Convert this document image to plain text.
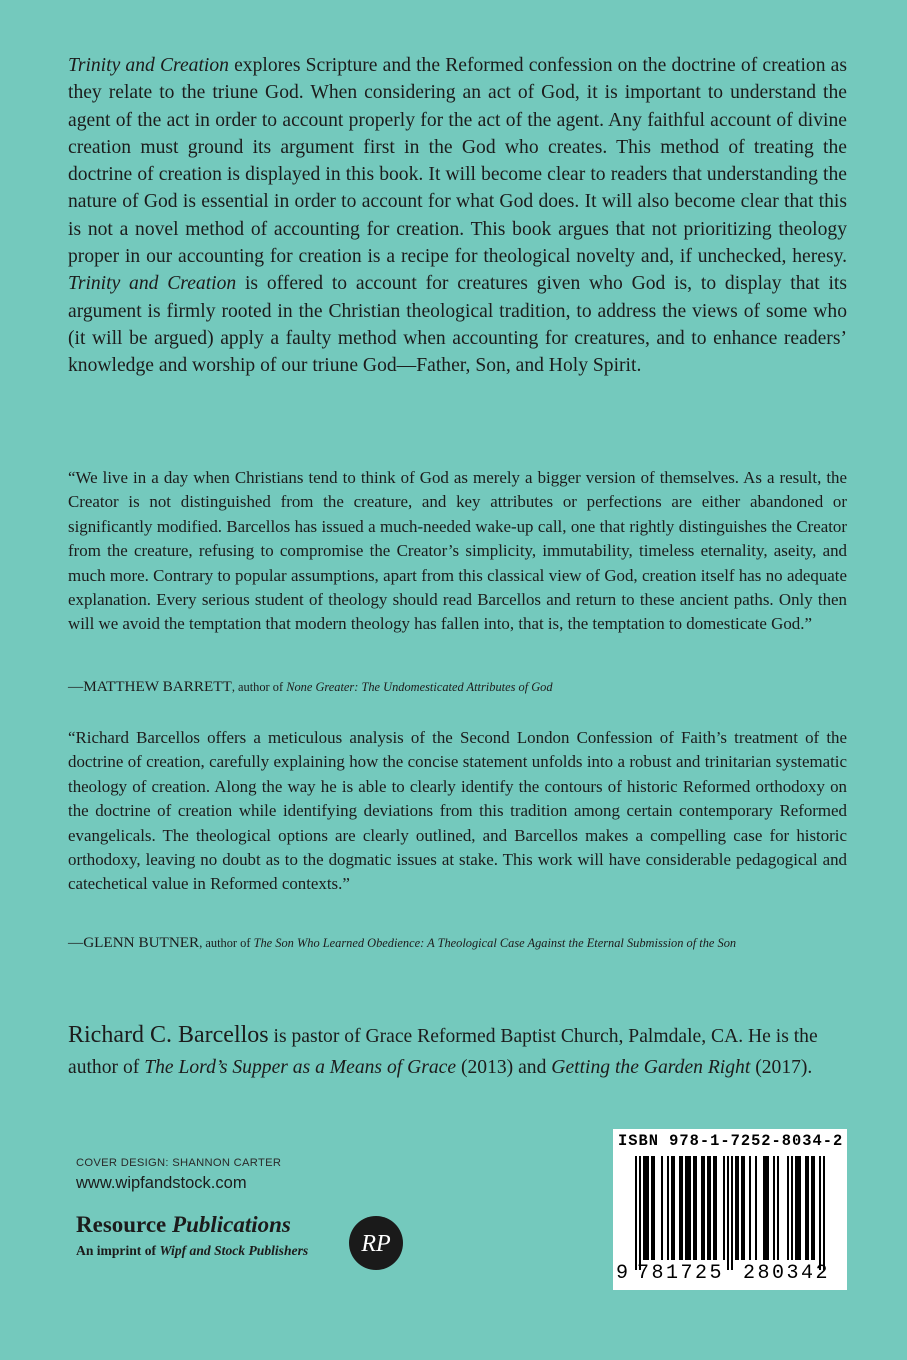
Trinity and Creation explores Scripture and the Reformed confession on the doctrine of creation as they relate to the triune God. When considering an act of God, it is important to understand the agent of the act in order to account properly for the act of the agent. Any faithful account of divine creation must ground its argument first in the God who creates. This method of treating the doctrine of creation is displayed in this book. It will become clear to readers that understanding the nature of God is essential in order to account for what God does. It will also become clear that this is not a novel method of accounting for creation. This book argues that not prioritizing theology proper in our accounting for creation is a recipe for theological novelty and, if unchecked, heresy. Trinity and Creation is offered to account for creatures given who God is, to display that its argument is firmly rooted in the Christian theological tradition, to address the views of some who (it will be argued) apply a faulty method when accounting for creatures, and to enhance readers’ knowledge and worship of our triune God—Father, Son, and Holy Spirit.

“We live in a day when Christians tend to think of God as merely a bigger version of themselves. As a result, the Creator is not distinguished from the creature, and key attributes or perfections are either abandoned or significantly modified. Barcellos has issued a much-needed wake-up call, one that rightly distinguishes the Creator from the creature, refusing to compromise the Creator’s simplicity, immutability, timeless eternality, aseity, and much more. Contrary to popular assumptions, apart from this classical view of God, creation itself has no adequate explanation. Every serious student of theology should read Barcellos and return to these ancient paths. Only then will we avoid the temptation that modern theology has fallen into, that is, the temptation to domesticate God.”

—MATTHEW BARRETT, author of None Greater: The Undomesticated Attributes of God

“Richard Barcellos offers a meticulous analysis of the Second London Confession of Faith’s treatment of the doctrine of creation, carefully explaining how the concise statement unfolds into a robust and trinitarian systematic theology of creation. Along the way he is able to clearly identify the contours of historic Reformed orthodoxy on the doctrine of creation while identifying deviations from this tradition among certain contemporary Reformed evangelicals. The theological options are clearly outlined, and Barcellos makes a compelling case for historic orthodoxy, leaving no doubt as to the dogmatic issues at stake. This work will have considerable pedagogical and catechetical value in Reformed contexts.”

—GLENN BUTNER, author of The Son Who Learned Obedience: A Theological Case Against the Eternal Submission of the Son

Richard C. Barcellos is pastor of Grace Reformed Baptist Church, Palmdale, CA. He is the author of The Lord’s Supper as a Means of Grace (2013) and Getting the Garden Right (2017).

COVER DESIGN: SHANNON CARTER
www.wipfandstock.com
Resource Publications
An imprint of Wipf and Stock Publishers RP
ISBN 978-1-7252-8034-2
9 781725 280342
